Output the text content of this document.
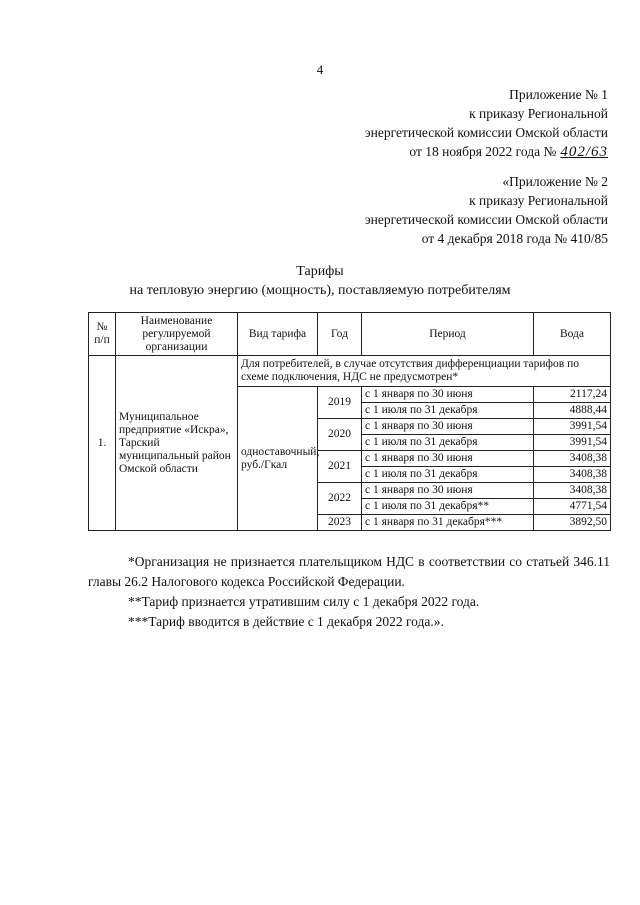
4
Приложение № 1
к приказу Региональной
энергетической комиссии Омской области
от 18 ноября 2022 года № 402/63
«Приложение № 2
к приказу Региональной
энергетической комиссии Омской области
от 4 декабря 2018 года № 410/85
Тарифы
на тепловую энергию (мощность), поставляемую потребителям
№ п/п	Наименование регулируемой организации	Вид тарифа	Год	Период	Вода
1.	Муниципальное предприятие «Искра», Тарский муниципальный район Омской области	Для потребителей, в случае отсутствия дифференциации тарифов по схеме подключения, НДС не предусмотрен*			
		одноставочный, руб./Гкал	2019	с 1 января по 30 июня	2117,24
				с 1 июля по 31 декабря	4888,44
			2020	с 1 января по 30 июня	3991,54
				с 1 июля по 31 декабря	3991,54
			2021	с 1 января по 30 июня	3408,38
				с 1 июля по 31 декабря	3408,38
			2022	с 1 января по 30 июня	3408,38
				с 1 июля по 31 декабря**	4771,54
			2023	с 1 января по 31 декабря***	3892,50

*Организация не признается плательщиком НДС в соответствии со статьей 346.11 главы 26.2 Налогового кодекса Российской Федерации.

**Тариф признается утратившим силу с 1 декабря 2022 года.

***Тариф вводится в действие с 1 декабря 2022 года.».
